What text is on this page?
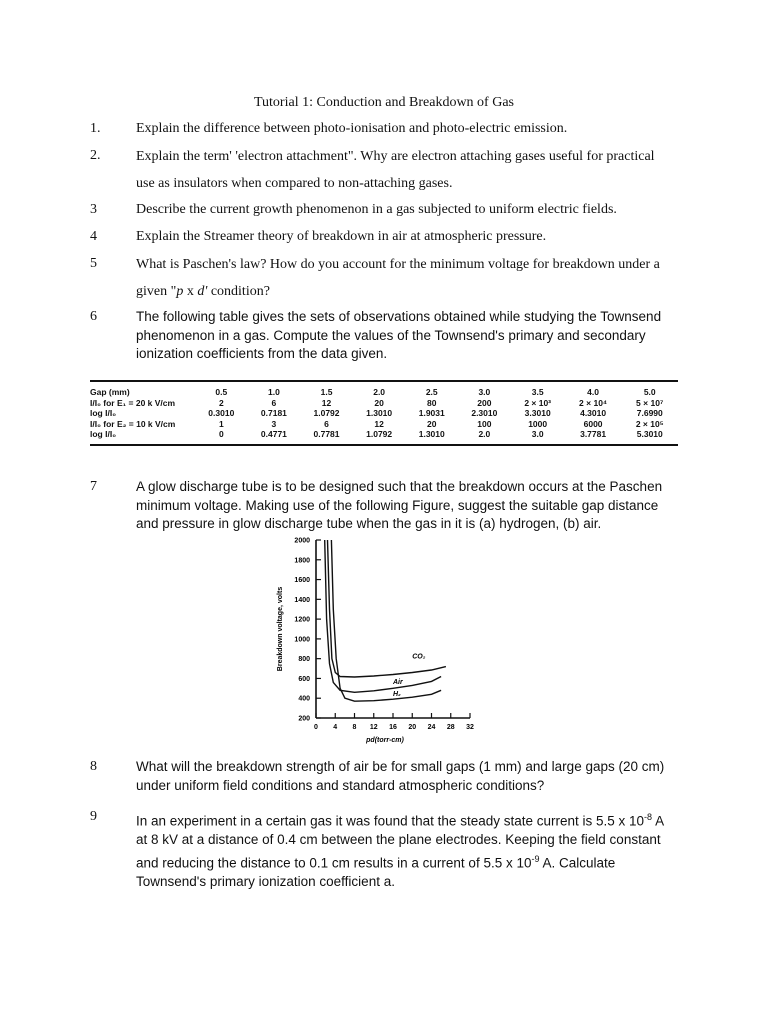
Tutorial 1: Conduction and Breakdown of Gas
1.	Explain the difference between photo-ionisation and photo-electric emission.
2.	Explain the term' 'electron attachment". Why are electron attaching gases useful for practical use as insulators when compared to non-attaching gases.
3	Describe the current growth phenomenon in a gas subjected to uniform electric fields.
4	Explain the Streamer theory of breakdown in air at atmospheric pressure.
5	What is Paschen's law? How do you account for the minimum voltage for breakdown under a given "p x d' condition?
6	The following table gives the sets of observations obtained while studying the Townsend phenomenon in a gas. Compute the values of the Townsend's primary and secondary ionization coefficients from the data given.
Gap (mm)	0.5	1.0	1.5	2.0	2.5	3.0	3.5	4.0	5.0
I/I₀ for E₁ = 20 k V/cm	2	6	12	20	80	200	2 × 10³	2 × 10⁴	5 × 10⁷
log I/I₀	0.3010	0.7181	1.0792	1.3010	1.9031	2.3010	3.3010	4.3010	7.6990
I/I₀ for E₂ = 10 k V/cm	1	3	6	12	20	100	1000	6000	2 × 10⁵
log I/I₀	0	0.4771	0.7781	1.0792	1.3010	2.0	3.0	3.7781	5.3010
7	A glow discharge tube is to be designed such that the breakdown occurs at the Paschen minimum voltage. Making use of the following Figure, suggest the suitable gap distance and pressure in glow discharge tube when the gas in it is (a) hydrogen, (b) air.
200
400
600
800
1000
1200
1400
1600
1800
2000
0 4 8 12 16 20 24 28 32
pd(torr-cm)
Breakdown voltage, volts	CO₂
Air
H₂
8	What will the breakdown strength of air be for small gaps (1 mm) and large gaps (20 cm) under uniform field conditions and standard atmospheric conditions?
9	In an experiment in a certain gas it was found that the steady state current is 5.5 x $10^{-8}$ A at 8 kV at a distance of 0.4 cm between the plane electrodes. Keeping the field constant and reducing the distance to 0.1 cm results in a current of 5.5 x $10^{-9}$ A. Calculate Townsend's primary ionization coefficient a.
